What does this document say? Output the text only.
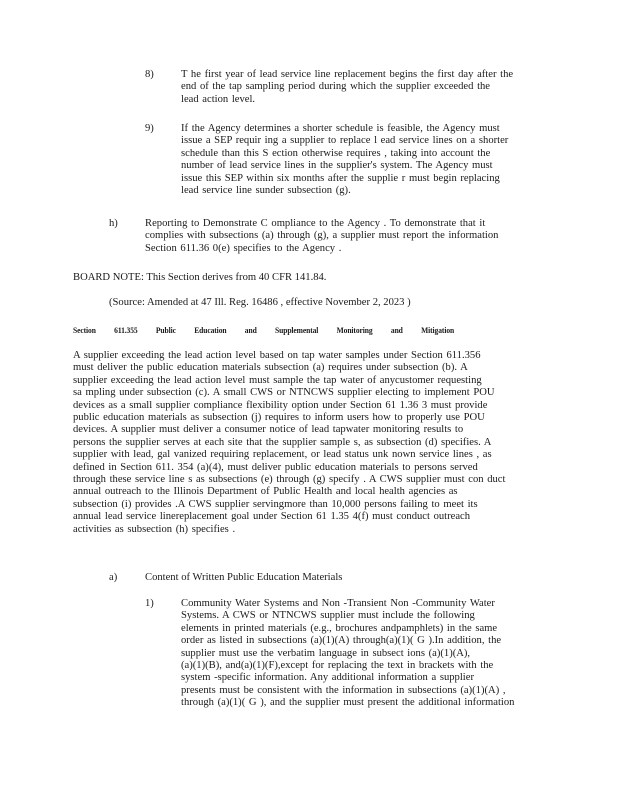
8)	T he first year of lead service line replacement begins the first day after the
end of the tap sampling period during which the supplier exceeded the
lead action level.
9)	If the Agency determines a shorter schedule is feasible, the Agency must
issue a SEP requir ing a supplier to replace l ead service lines on a shorter
schedule than this S ection otherwise requires , taking into account the
number of lead service lines in the supplier's system. The Agency must
issue this SEP within six months after the supplie r must begin replacing
lead service line sunder subsection (g).
h)	Reporting to Demonstrate C ompliance to the Agency . To demonstrate that it
complies with subsections (a) through (g), a supplier must report the information
Section 611.36 0(e) specifies to the Agency .
BOARD NOTE: This Section derives from 40 CFR 141.84.
(Source: Amended at 47 Ill. Reg. 16486 , effective November 2, 2023 )
Section 611.355 Public Education and Supplemental Monitoring and Mitigation
A supplier exceeding the lead action level based on tap water samples under Section 611.356
must deliver the public education materials subsection (a) requires under subsection (b). A
supplier exceeding the lead action level must sample the tap water of anycustomer requesting
sa mpling under subsection (c). A small CWS or NTNCWS supplier electing to implement POU
devices as a small supplier compliance flexibility option under Section 61 1.36 3 must provide
public education materials as subsection (j) requires to inform users how to properly use POU
devices. A supplier must deliver a consumer notice of lead tapwater monitoring results to
persons the supplier serves at each site that the supplier sample s, as subsection (d) specifies. A
supplier with lead, gal vanized requiring replacement, or lead status unk nown service lines , as
defined in Section 611. 354 (a)(4), must deliver public education materials to persons served
through these service line s as subsections (e) through (g) specify . A CWS supplier must con duct
annual outreach to the Illinois Department of Public Health and local health agencies as
subsection (i) provides .A CWS supplier servingmore than 10,000 persons failing to meet its
annual lead service linereplacement goal under Section 61 1.35 4(f) must conduct outreach
activities as subsection (h) specifies .
a)	Content of Written Public Education Materials
1)	Community Water Systems and Non -Transient Non -Community Water
Systems. A CWS or NTNCWS supplier must include the following
elements in printed materials (e.g., brochures andpamphlets) in the same
order as listed in subsections (a)(1)(A) through(a)(1)( G ).In addition, the
supplier must use the verbatim language in subsect ions (a)(1)(A),
(a)(1)(B), and(a)(1)(F),except for replacing the text in brackets with the
system -specific information. Any additional information a supplier
presents must be consistent with the information in subsections (a)(1)(A) ,
through (a)(1)( G ), and the supplier must present the additional information
